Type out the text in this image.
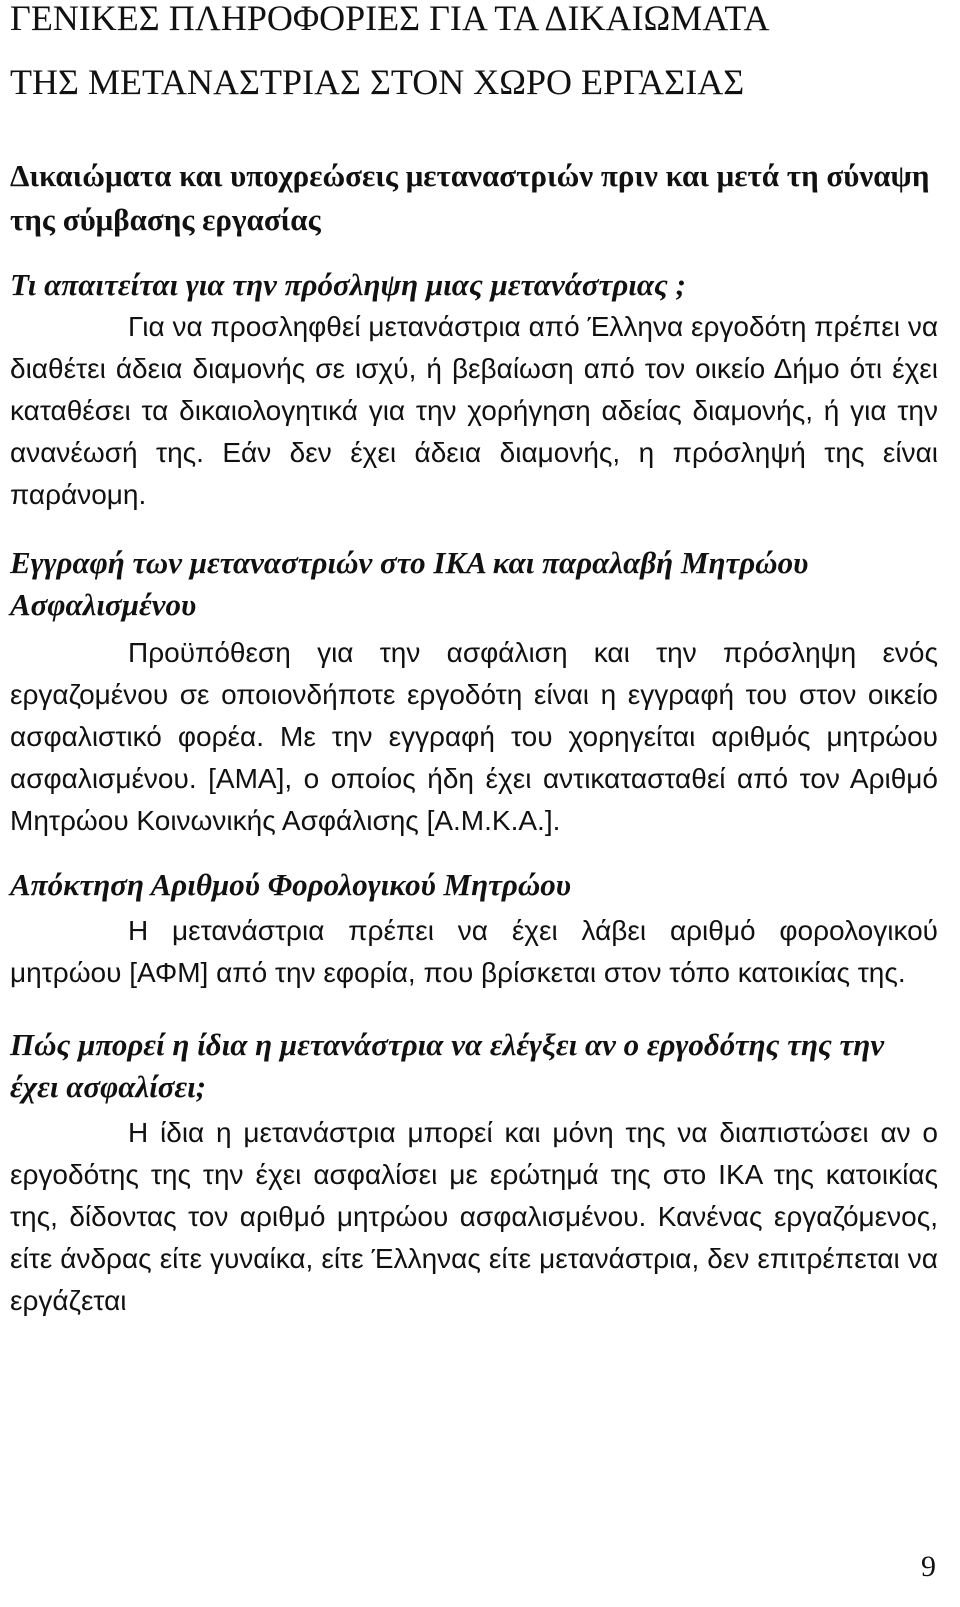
ΓΕΝΙΚΕΣ ΠΛΗΡΟΦΟΡΙΕΣ ΓΙΑ ΤΑ ΔΙΚΑΙΩΜΑΤΑ
ΤΗΣ ΜΕΤΑΝΑΣΤΡΙΑΣ ΣΤΟΝ ΧΩΡΟ ΕΡΓΑΣΙΑΣ
Δικαιώματα και υποχρεώσεις μεταναστριών πριν και μετά τη σύναψη της σύμβασης εργασίας
Τι απαιτείται για την πρόσληψη μιας μετανάστριας ;

Για να προσληφθεί μετανάστρια από Έλληνα εργοδότη πρέπει να διαθέτει άδεια διαμονής σε ισχύ, ή βεβαίωση από τον οικείο Δήμο ότι έχει καταθέσει τα δικαιολογητικά για την χορήγηση αδείας διαμονής, ή για την ανανέωσή της. Εάν δεν έχει άδεια διαμονής, η πρόσληψή της είναι παράνομη.

Εγγραφή των μεταναστριών στο ΙΚΑ και παραλαβή Μητρώου Ασφαλισμένου

Προϋπόθεση για την ασφάλιση και την πρόσληψη ενός εργαζομένου σε οποιονδήποτε εργοδότη είναι η εγγραφή του στον οικείο ασφαλιστικό φορέα. Με την εγγραφή του χορηγείται αριθμός μητρώου ασφαλισμένου. [ΑΜΑ], ο οποίος ήδη έχει αντικατασταθεί από τον Αριθμό Μητρώου Κοινωνικής Ασφάλισης [Α.Μ.Κ.Α.].

Απόκτηση Αριθμού Φορολογικού Μητρώου

Η μετανάστρια πρέπει να έχει λάβει αριθμό φορολογικού μητρώου [ΑΦΜ] από την εφορία, που βρίσκεται στον τόπο κατοικίας της.

Πώς μπορεί η ίδια η μετανάστρια να ελέγξει αν ο εργοδότης της την έχει ασφαλίσει;

Η ίδια η μετανάστρια μπορεί και μόνη της να διαπιστώσει αν ο εργοδότης της την έχει ασφαλίσει με ερώτημά της στο ΙΚΑ της κατοικίας της, δίδοντας τον αριθμό μητρώου ασφαλισμένου. Κανένας εργαζόμενος, είτε άνδρας είτε γυναίκα, είτε Έλληνας είτε μετανάστρια, δεν επιτρέπεται να εργάζεται

9
